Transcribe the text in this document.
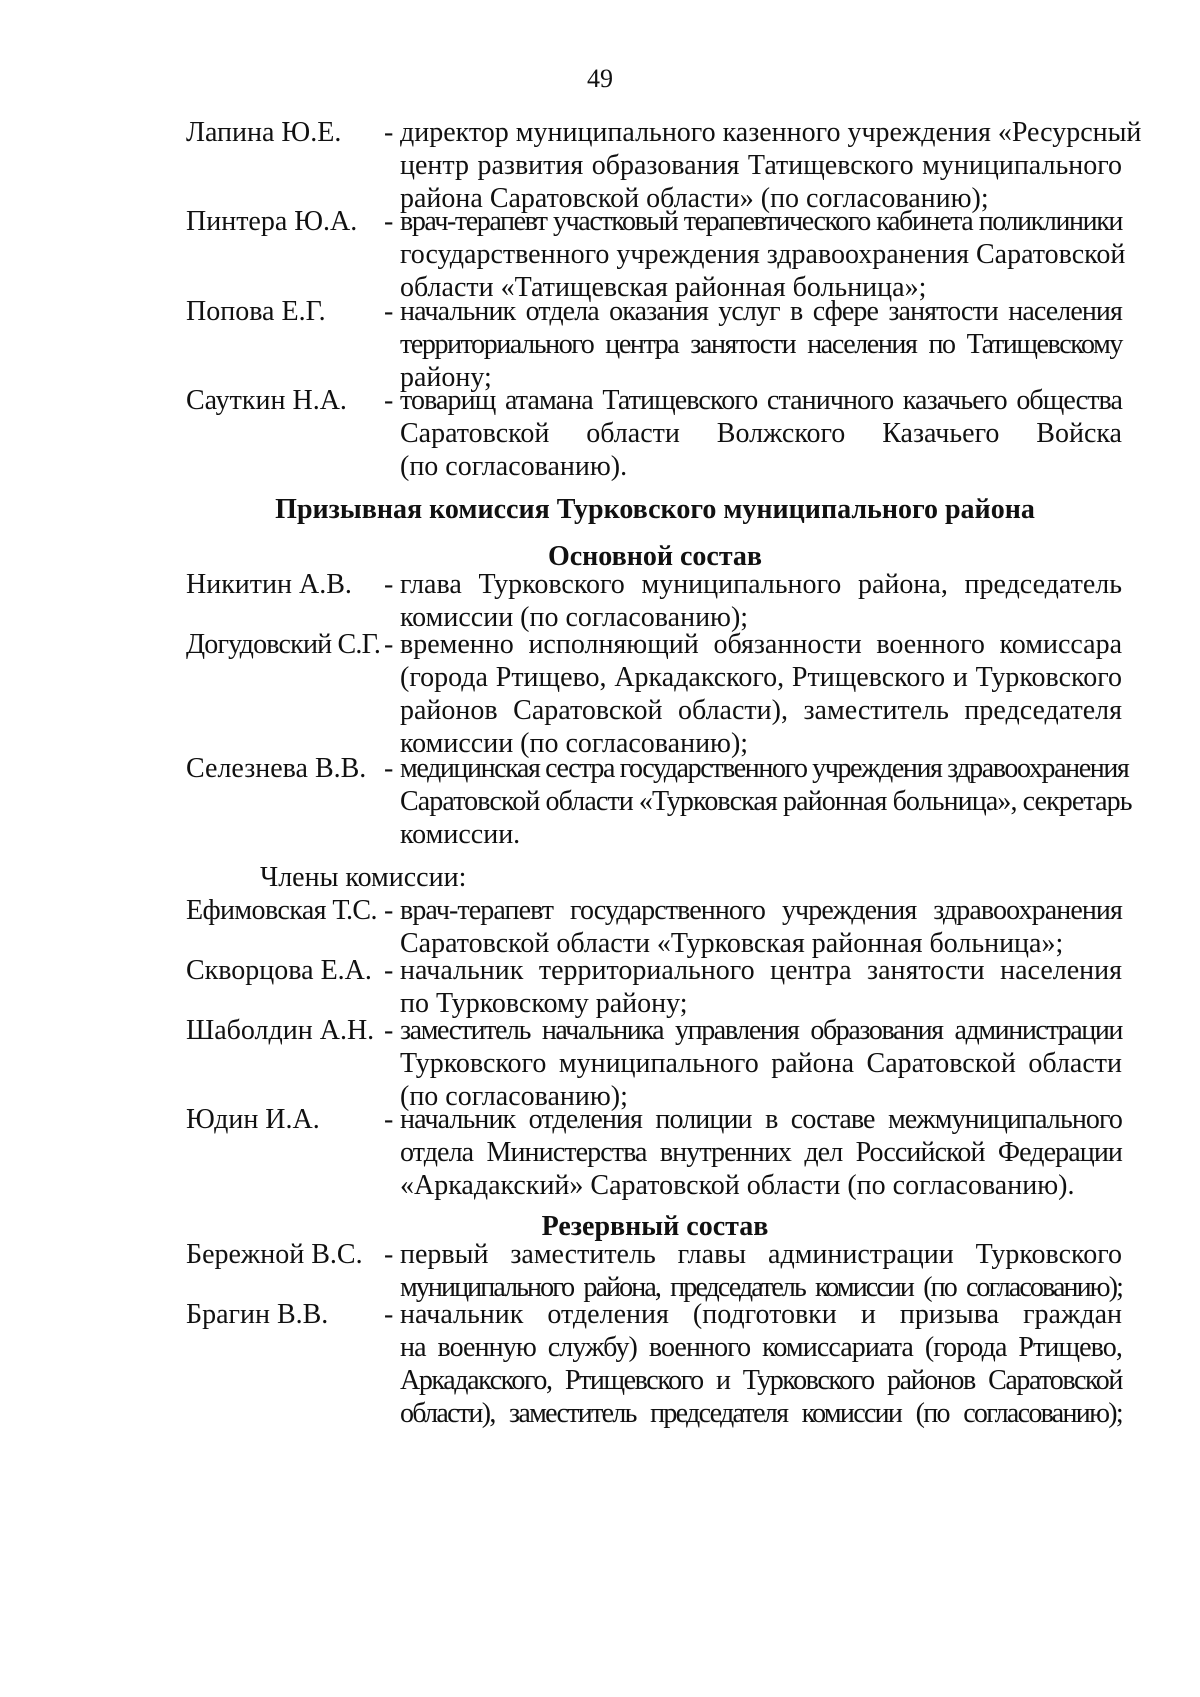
49
Лапина Ю.Е. - директор муниципального казенного учреждения «Ресурсный
центр развития образования Татищевского муниципального
района Саратовской области» (по согласованию);
Пинтера Ю.А. - врач-терапевт участковый терапевтического кабинета поликлиники
государственного учреждения здравоохранения Саратовской
области «Татищевская районная больница»;
Попова Е.Г. - начальник отдела оказания услуг в сфере занятости населения
территориального центра занятости населения по Татищевскому
району;
Сауткин Н.А. - товарищ атамана Татищевского станичного казачьего общества
Саратовской области Волжского Казачьего Войска
(по согласованию).
Призывная комиссия Турковского муниципального района
Основной состав
Никитин А.В. - глава Турковского муниципального района, председатель
комиссии (по согласованию);
Догудовский С.Г. - временно исполняющий обязанности военного комиссара
(города Ртищево, Аркадакского, Ртищевского и Турковского
районов Саратовской области), заместитель председателя
комиссии (по согласованию);
Селезнева В.В. - медицинская сестра государственного учреждения здравоохранения
Саратовской области «Турковская районная больница», секретарь
комиссии.
Члены комиссии:
Ефимовская Т.С. - врач-терапевт государственного учреждения здравоохранения
Саратовской области «Турковская районная больница»;
Скворцова Е.А. - начальник территориального центра занятости населения
по Турковскому району;
Шаболдин А.Н. - заместитель начальника управления образования администрации
Турковского муниципального района Саратовской области
(по согласованию);
Юдин И.А. - начальник отделения полиции в составе межмуниципального
отдела Министерства внутренних дел Российской Федерации
«Аркадакский» Саратовской области (по согласованию).
Резервный состав
Бережной В.С. - первый заместитель главы администрации Турковского
муниципального района, председатель комиссии (по согласованию);
Брагин В.В. - начальник отделения (подготовки и призыва граждан
на военную службу) военного комиссариата (города Ртищево,
Аркадакского, Ртищевского и Турковского районов Саратовской
области), заместитель председателя комиссии (по согласованию);
